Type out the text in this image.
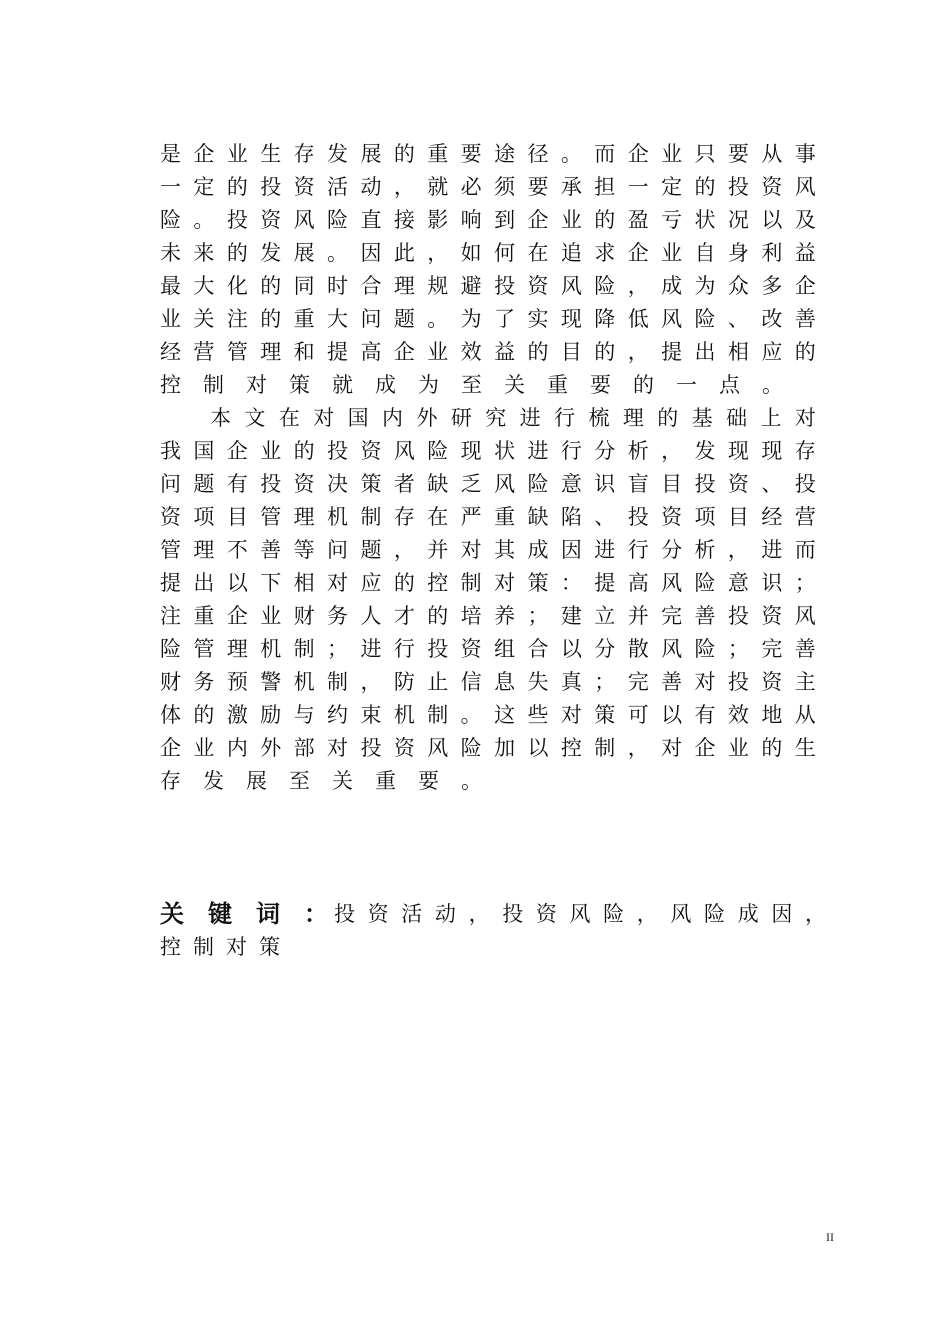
是 企 业 生 存 发 展 的 重 要 途 径 。 而 企 业 只 要 从 事
一 定 的 投 资 活 动 ， 就 必 须 要 承 担 一 定 的 投 资 风
险 。 投 资 风 险 直 接 影 响 到 企 业 的 盈 亏 状 况 以 及
未 来 的 发 展 。 因 此 ， 如 何 在 追 求 企 业 自 身 利 益
最 大 化 的 同 时 合 理 规 避 投 资 风 险 ， 成 为 众 多 企
业 关 注 的 重 大 问 题 。 为 了 实 现 降 低 风 险 、 改 善
经 营 管 理 和 提 高 企 业 效 益 的 目 的 ， 提 出 相 应 的
控 制 对 策 就 成 为 至 关 重 要 的 一 点 。
本 文 在 对 国 内 外 研 究 进 行 梳 理 的 基 础 上 对
我 国 企 业 的 投 资 风 险 现 状 进 行 分 析 ， 发 现 现 存
问 题 有 投 资 决 策 者 缺 乏 风 险 意 识 盲 目 投 资 、 投
资 项 目 管 理 机 制 存 在 严 重 缺 陷 、 投 资 项 目 经 营
管 理 不 善 等 问 题 ， 并 对 其 成 因 进 行 分 析 ， 进 而
提 出 以 下 相 对 应 的 控 制 对 策 ： 提 高 风 险 意 识 ；
注 重 企 业 财 务 人 才 的 培 养 ； 建 立 并 完 善 投 资 风
险 管 理 机 制 ； 进 行 投 资 组 合 以 分 散 风 险 ； 完 善
财 务 预 警 机 制 ， 防 止 信 息 失 真 ； 完 善 对 投 资 主
体 的 激 励 与 约 束 机 制 。 这 些 对 策 可 以 有 效 地 从
企 业 内 外 部 对 投 资 风 险 加 以 控 制 ， 对 企 业 的 生
存 发 展 至 关 重 要 。
关 键 词 ： 投 资 活 动 ， 投 资 风 险 ， 风 险 成 因 ，
控 制 对 策
II
